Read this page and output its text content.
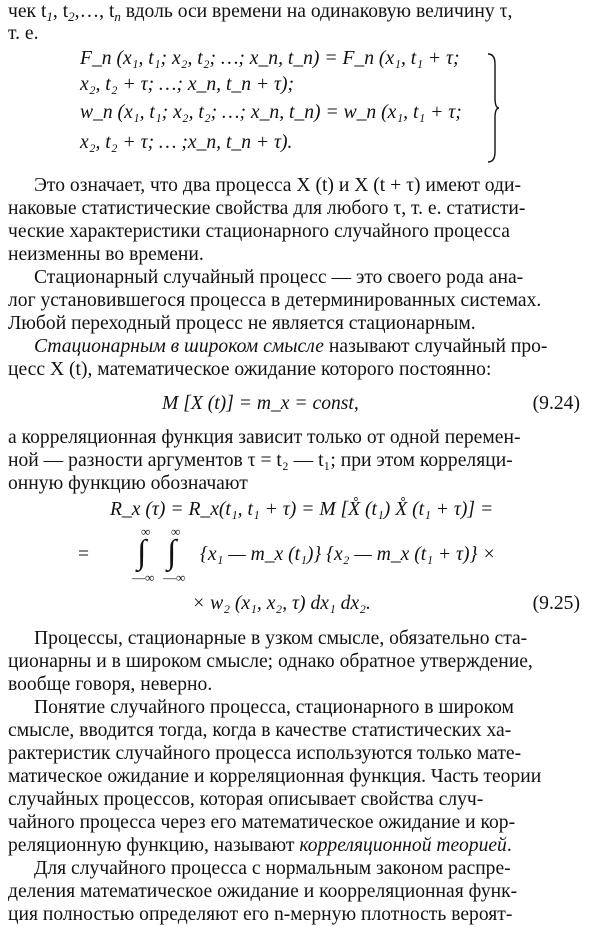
чек $t_1$, $t_2,\dots$, $t_n$ вдоль оси времени на одинаковую величину τ,
т. е.
F_n (x₁, t₁; x₂, t₂; …; x_n, t_n) = F_n (x₁, t₁ + τ;
x₂, t₂ + τ; …; x_n, t_n + τ);
w_n (x₁, t₁; x₂, t₂; …; x_n, t_n) = w_n (x₁, t₁ + τ;
x₂, t₂ + τ; … ;x_n, t_n + τ).
Это означает, что два процесса X (t) и X (t + τ) имеют оди-
наковые статистические свойства для любого τ, т. е. статисти-
ческие характеристики стационарного случайного процесса
неизменны во времени.
Стационарный случайный процесс — это своего рода ана-
лог установившегося процесса в детерминированных системах.
Любой переходный процесс не является стационарным.
Стационарным в широком смысле называют случайный про-
цесс X (t), математическое ожидание которого постоянно:
M [X (t)] = m_x = const,	(9.24)
а корреляционная функция зависит только от одной перемен-
ной — разности аргументов τ = t₂ — t₁; при этом корреляци-
онную функцию обозначают
R_x (τ) = R_x(t₁, t₁ + τ) = M [X̊ (t₁) X̊ (t₁ + τ)] =
=
∞ ∞
∫ ∫
—∞ —∞
{x₁ — m_x (t₁)} {x₂ — m_x (t₁ + τ)} ×
× w₂ (x₁, x₂, τ) dx₁ dx₂.	(9.25)
Процессы, стационарные в узком смысле, обязательно ста-
ционарны и в широком смысле; однако обратное утверждение,
вообще говоря, неверно.
Понятие случайного процесса, стационарного в широком
смысле, вводится тогда, когда в качестве статистических ха-
рактеристик случайного процесса используются только мате-
матическое ожидание и корреляционная функция. Часть теории
случайных процессов, которая описывает свойства случ-
чайного процесса через его математическое ожидание и кор-
реляционную функцию, называют корреляционной теорией.
Для случайного процесса с нормальным законом распре-
деления математическое ожидание и коорреляционная функ-
ция полностью определяют его n-мерную плотность вероят-
